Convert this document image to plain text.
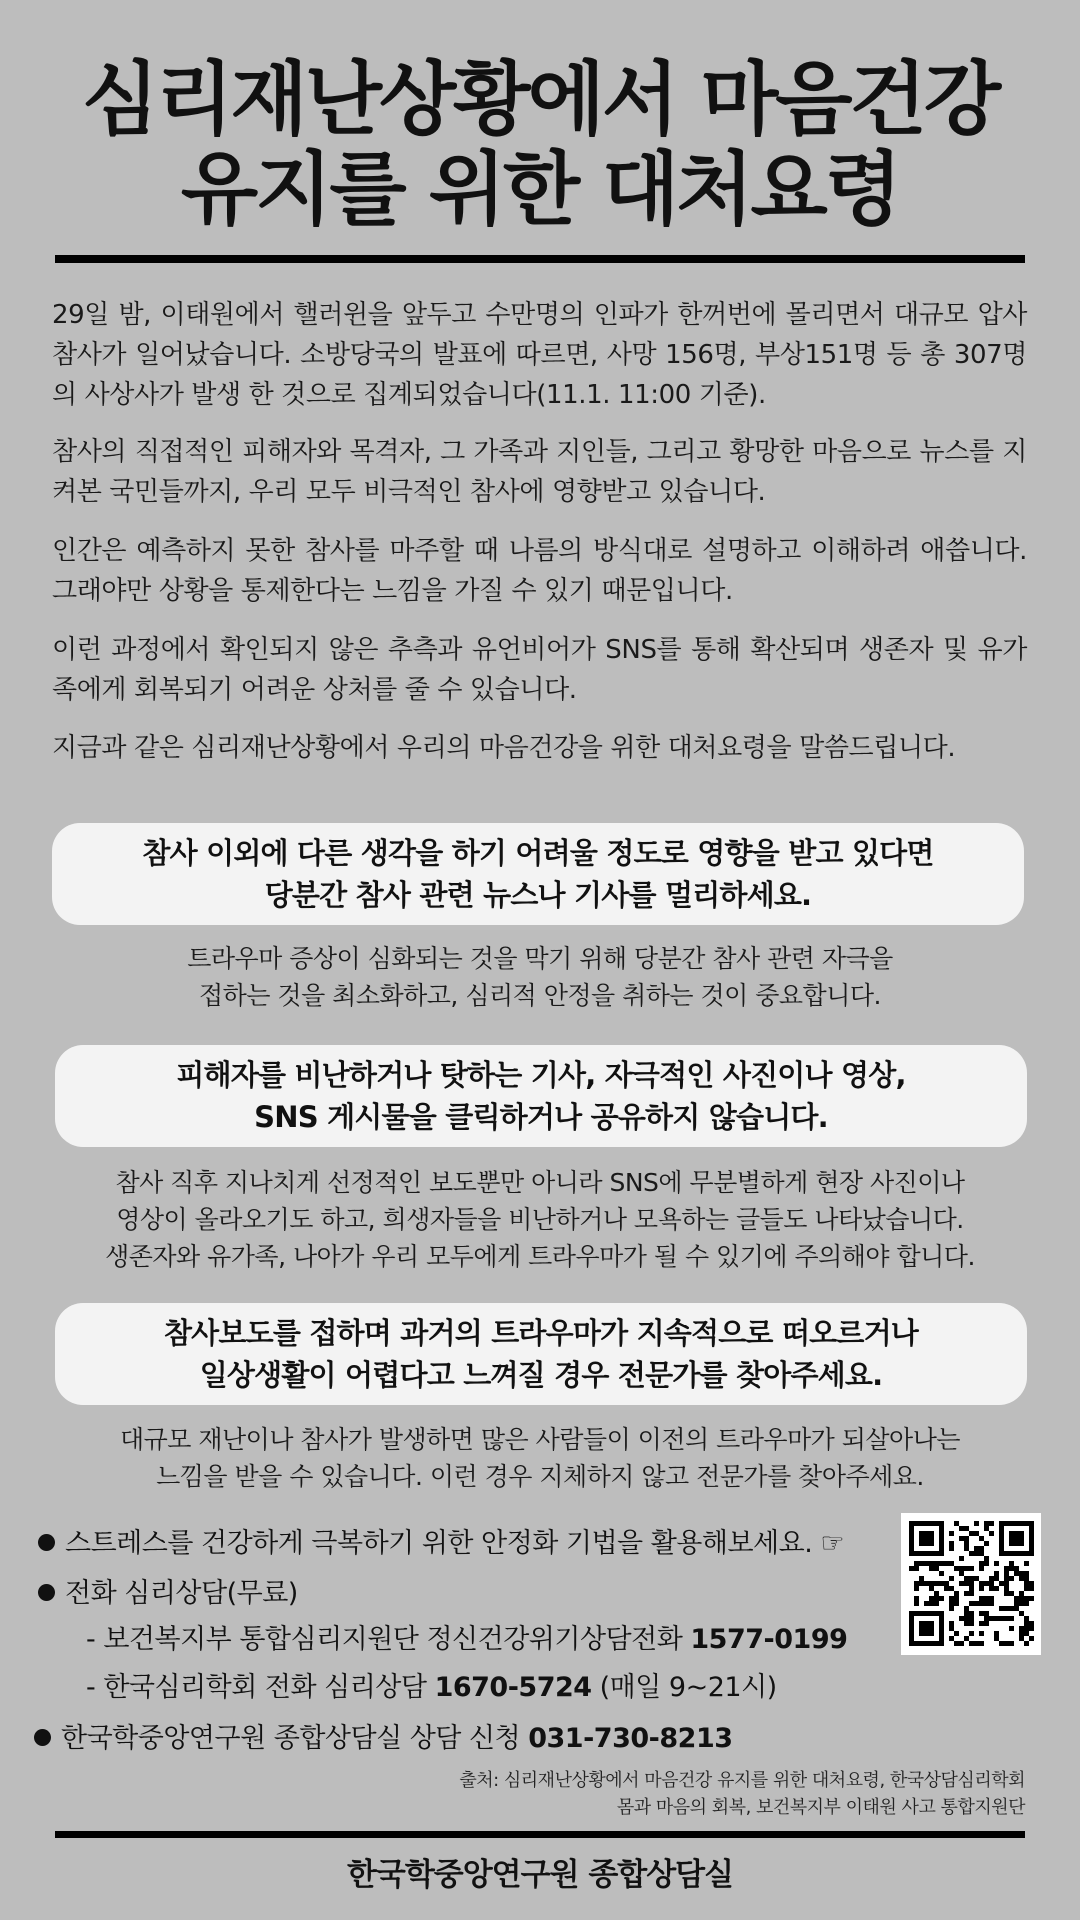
심리재난상황에서 마음건강
유지를 위한 대처요령

29일 밤, 이태원에서 핼러윈을 앞두고 수만명의 인파가 한꺼번에 몰리면서 대규모 압사 참사가 일어났습니다. 소방당국의 발표에 따르면, 사망 156명, 부상151명 등 총 307명의 사상사가 발생 한 것으로 집계되었습니다(11.1. 11:00 기준).

참사의 직접적인 피해자와 목격자, 그 가족과 지인들, 그리고 황망한 마음으로 뉴스를 지켜본 국민들까지, 우리 모두 비극적인 참사에 영향받고 있습니다.

인간은 예측하지 못한 참사를 마주할 때 나름의 방식대로 설명하고 이해하려 애씁니다. 그래야만 상황을 통제한다는 느낌을 가질 수 있기 때문입니다.

이런 과정에서 확인되지 않은 추측과 유언비어가 SNS를 통해 확산되며 생존자 및 유가족에게 회복되기 어려운 상처를 줄 수 있습니다.

지금과 같은 심리재난상황에서 우리의 마음건강을 위한 대처요령을 말씀드립니다.

참사 이외에 다른 생각을 하기 어려울 정도로 영향을 받고 있다면
당분간 참사 관련 뉴스나 기사를 멀리하세요.
트라우마 증상이 심화되는 것을 막기 위해 당분간 참사 관련 자극을
접하는 것을 최소화하고, 심리적 안정을 취하는 것이 중요합니다.
피해자를 비난하거나 탓하는 기사, 자극적인 사진이나 영상,
SNS 게시물을 클릭하거나 공유하지 않습니다.
참사 직후 지나치게 선정적인 보도뿐만 아니라 SNS에 무분별하게 현장 사진이나
영상이 올라오기도 하고, 희생자들을 비난하거나 모욕하는 글들도 나타났습니다.
생존자와 유가족, 나아가 우리 모두에게 트라우마가 될 수 있기에 주의해야 합니다.
참사보도를 접하며 과거의 트라우마가 지속적으로 떠오르거나
일상생활이 어렵다고 느껴질 경우 전문가를 찾아주세요.
대규모 재난이나 참사가 발생하면 많은 사람들이 이전의 트라우마가 되살아나는
느낌을 받을 수 있습니다. 이런 경우 지체하지 않고 전문가를 찾아주세요.
스트레스를 건강하게 극복하기 위한 안정화 기법을 활용해보세요. ☞
전화 심리상담(무료)
- 보건복지부 통합심리지원단 정신건강위기상담전화 1577-0199
- 한국심리학회 전화 심리상담 1670-5724 (매일 9~21시)
한국학중앙연구원 종합상담실 상담 신청 031-730-8213
출처: 심리재난상황에서 마음건강 유지를 위한 대처요령, 한국상담심리학회
몸과 마음의 회복, 보건복지부 이태원 사고 통합지원단
한국학중앙연구원 종합상담실
